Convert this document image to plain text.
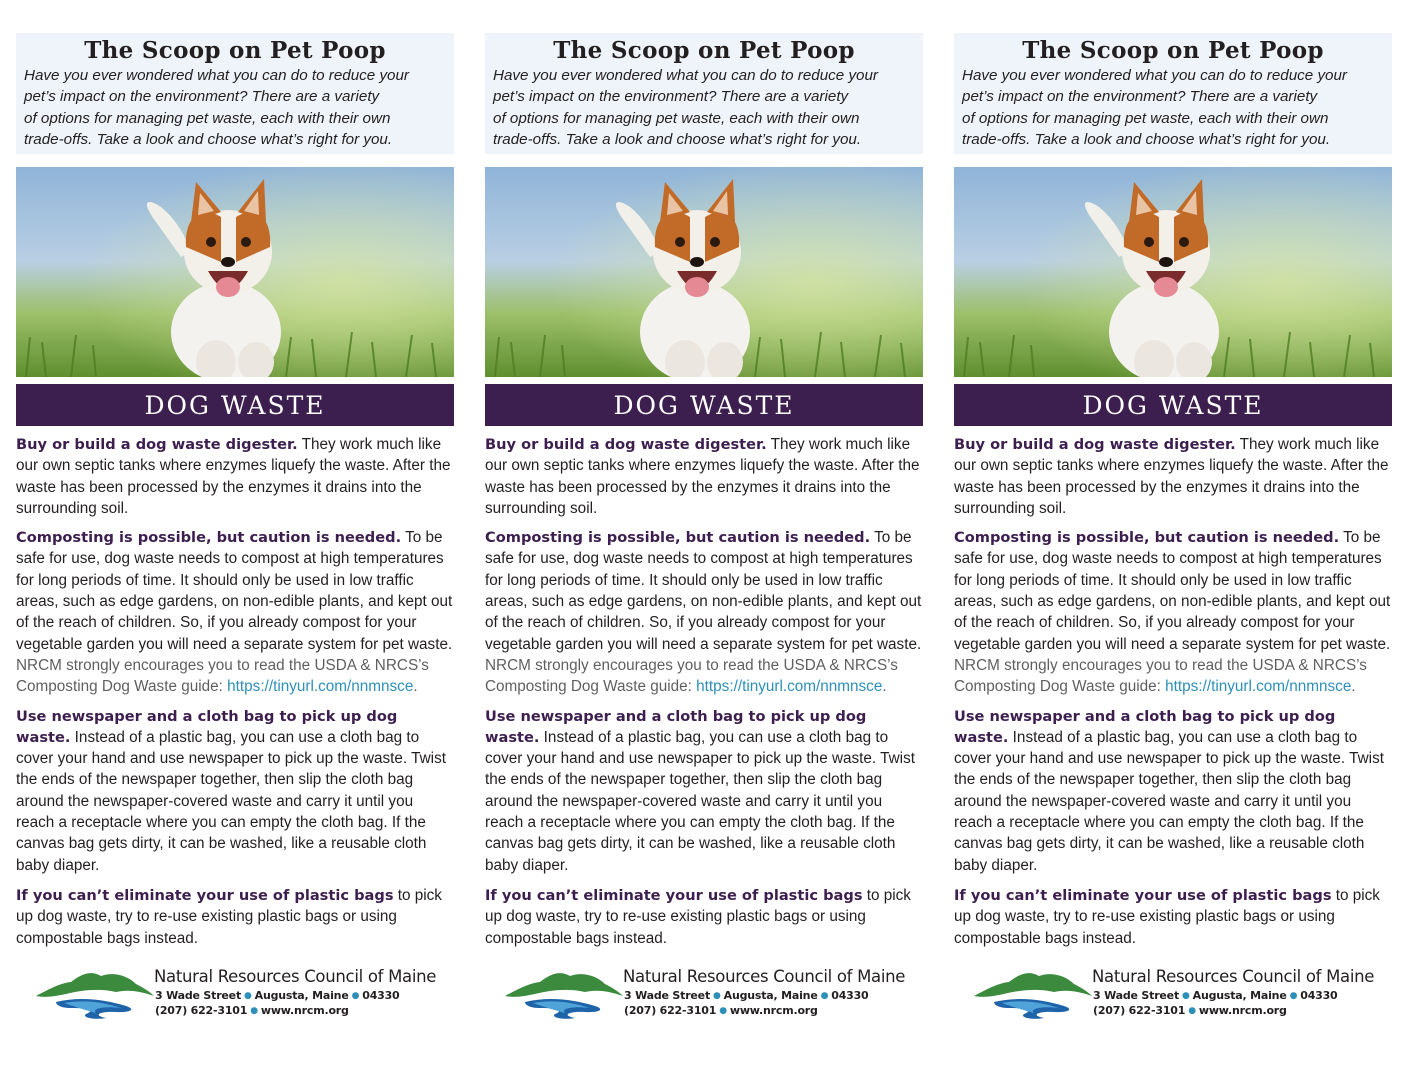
The Scoop on Pet Poop
Have you ever wondered what you can do to reduce your
pet’s impact on the environment? There are a variety
of options for managing pet waste, each with their own
trade-offs. Take a look and choose what’s right for you.
DOG WASTE

Buy or build a dog waste digester. They work much like our own septic tanks where enzymes liquefy the waste. After the waste has been processed by the enzymes it drains into the surrounding soil.

Composting is possible, but caution is needed. To be safe for use, dog waste needs to compost at high temperatures for long periods of time. It should only be used in low traffic areas, such as edge gardens, on non-edible plants, and kept out of the reach of children. So, if you already compost for your vegetable garden you will need a separate system for pet waste. NRCM strongly encourages you to read the USDA & NRCS’s Composting Dog Waste guide: https://tinyurl.com/nnmnsce.

Use newspaper and a cloth bag to pick up dog waste. Instead of a plastic bag, you can use a cloth bag to cover your hand and use newspaper to pick up the waste. Twist the ends of the newspaper together, then slip the cloth bag around the newspaper-covered waste and carry it until you reach a receptacle where you can empty the cloth bag. If the canvas bag gets dirty, it can be washed, like a reusable cloth baby diaper.

If you can’t eliminate your use of plastic bags to pick up dog waste, try to re-use existing plastic bags or using compostable bags instead.

Natural Resources Council of Maine
3 Wade Street ● Augusta, Maine ● 04330
(207) 622-3101 ● www.nrcm.org
The Scoop on Pet Poop
Have you ever wondered what you can do to reduce your
pet’s impact on the environment? There are a variety
of options for managing pet waste, each with their own
trade-offs. Take a look and choose what’s right for you.
DOG WASTE

Buy or build a dog waste digester. They work much like our own septic tanks where enzymes liquefy the waste. After the waste has been processed by the enzymes it drains into the surrounding soil.

Composting is possible, but caution is needed. To be safe for use, dog waste needs to compost at high temperatures for long periods of time. It should only be used in low traffic areas, such as edge gardens, on non-edible plants, and kept out of the reach of children. So, if you already compost for your vegetable garden you will need a separate system for pet waste. NRCM strongly encourages you to read the USDA & NRCS’s Composting Dog Waste guide: https://tinyurl.com/nnmnsce.

Use newspaper and a cloth bag to pick up dog waste. Instead of a plastic bag, you can use a cloth bag to cover your hand and use newspaper to pick up the waste. Twist the ends of the newspaper together, then slip the cloth bag around the newspaper-covered waste and carry it until you reach a receptacle where you can empty the cloth bag. If the canvas bag gets dirty, it can be washed, like a reusable cloth baby diaper.

If you can’t eliminate your use of plastic bags to pick up dog waste, try to re-use existing plastic bags or using compostable bags instead.

Natural Resources Council of Maine
3 Wade Street ● Augusta, Maine ● 04330
(207) 622-3101 ● www.nrcm.org
The Scoop on Pet Poop
Have you ever wondered what you can do to reduce your
pet’s impact on the environment? There are a variety
of options for managing pet waste, each with their own
trade-offs. Take a look and choose what’s right for you.
DOG WASTE

Buy or build a dog waste digester. They work much like our own septic tanks where enzymes liquefy the waste. After the waste has been processed by the enzymes it drains into the surrounding soil.

Composting is possible, but caution is needed. To be safe for use, dog waste needs to compost at high temperatures for long periods of time. It should only be used in low traffic areas, such as edge gardens, on non-edible plants, and kept out of the reach of children. So, if you already compost for your vegetable garden you will need a separate system for pet waste. NRCM strongly encourages you to read the USDA & NRCS’s Composting Dog Waste guide: https://tinyurl.com/nnmnsce.

Use newspaper and a cloth bag to pick up dog waste. Instead of a plastic bag, you can use a cloth bag to cover your hand and use newspaper to pick up the waste. Twist the ends of the newspaper together, then slip the cloth bag around the newspaper-covered waste and carry it until you reach a receptacle where you can empty the cloth bag. If the canvas bag gets dirty, it can be washed, like a reusable cloth baby diaper.

If you can’t eliminate your use of plastic bags to pick up dog waste, try to re-use existing plastic bags or using compostable bags instead.

Natural Resources Council of Maine
3 Wade Street ● Augusta, Maine ● 04330
(207) 622-3101 ● www.nrcm.org
